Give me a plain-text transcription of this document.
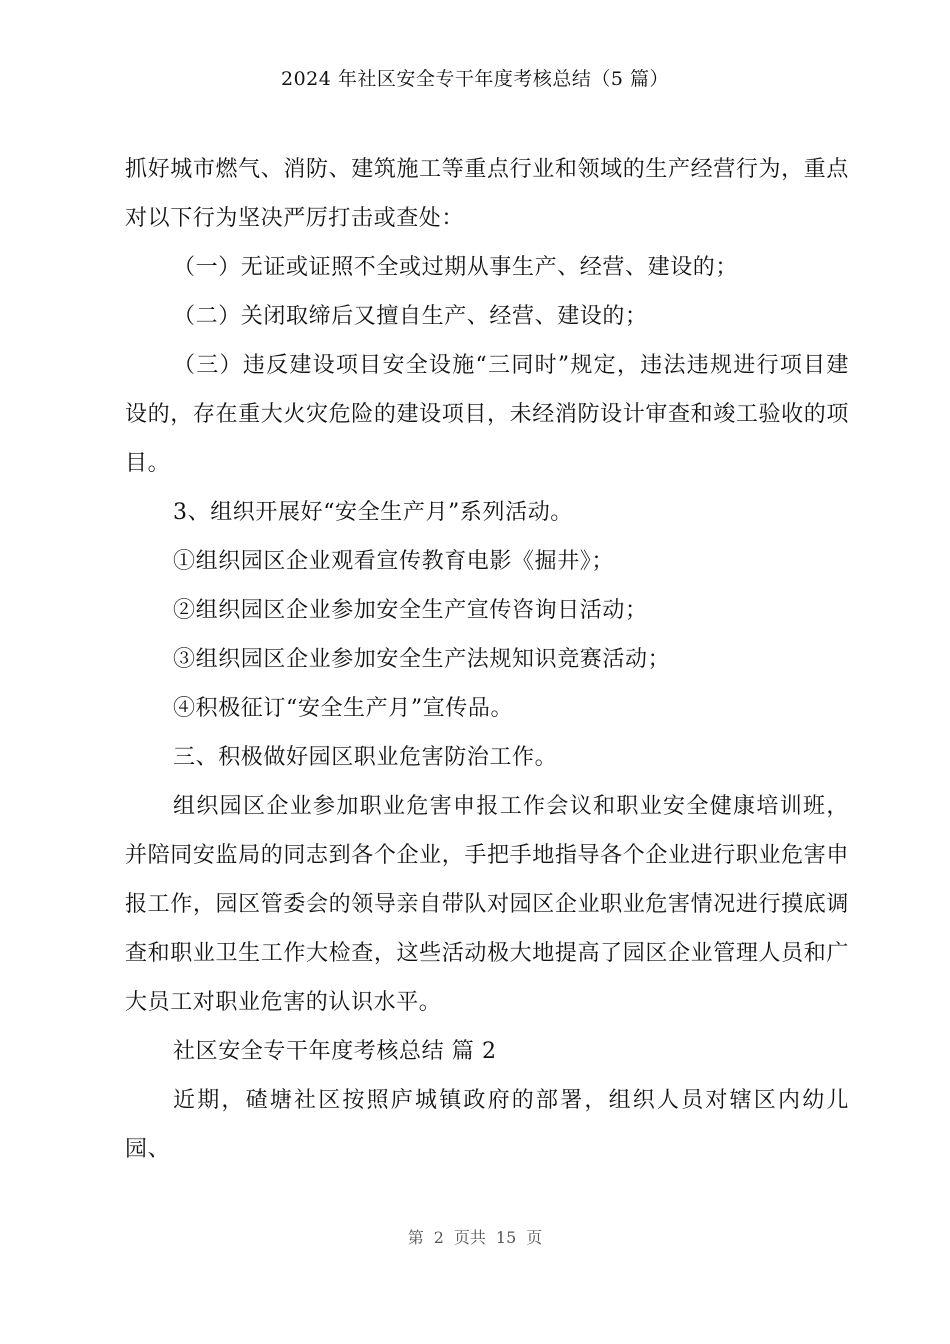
2024 年社区安全专干年度考核总结（5 篇）

抓好城市燃气、消防、建筑施工等重点行业和领域的生产经营行为，重点对以下行为坚决严厉打击或查处：

（一）无证或证照不全或过期从事生产、经营、建设的；

（二）关闭取缔后又擅自生产、经营、建设的；

（三）违反建设项目安全设施“三同时”规定，违法违规进行项目建设的，存在重大火灾危险的建设项目，未经消防设计审查和竣工验收的项目。

3、组织开展好“安全生产月”系列活动。

①组织园区企业观看宣传教育电影《掘井》；

②组织园区企业参加安全生产宣传咨询日活动；

③组织园区企业参加安全生产法规知识竞赛活动；

④积极征订“安全生产月”宣传品。

三、积极做好园区职业危害防治工作。

组织园区企业参加职业危害申报工作会议和职业安全健康培训班，并陪同安监局的同志到各个企业，手把手地指导各个企业进行职业危害申报工作，园区管委会的领导亲自带队对园区企业职业危害情况进行摸底调查和职业卫生工作大检查，这些活动极大地提高了园区企业管理人员和广大员工对职业危害的认识水平。

社区安全专干年度考核总结 篇 2

近期，碴塘社区按照庐城镇政府的部署，组织人员对辖区内幼儿园、

第 2 页共 15 页
